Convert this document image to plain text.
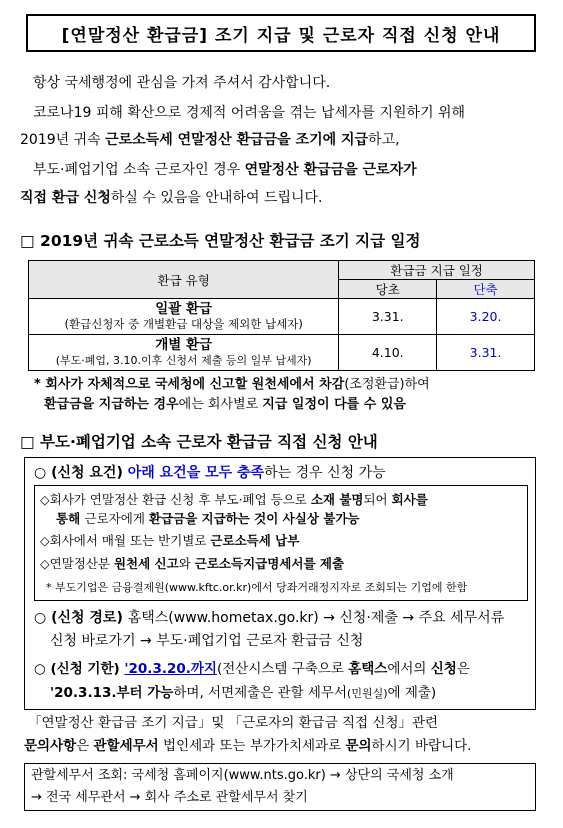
[연말정산 환급금] 조기 지급 및 근로자 직접 신청 안내
항상 국세행정에 관심을 가져 주셔서 감사합니다.
코로나19 피해 확산으로 경제적 어려움을 겪는 납세자를 지원하기 위해
2019년 귀속 근로소득세 연말정산 환급금을 조기에 지급하고,
부도·폐업기업 소속 근로자인 경우 연말정산 환급금을 근로자가
직접 환급 신청하실 수 있음을 안내하여 드립니다.
□ 2019년 귀속 근로소득 연말정산 환급금 조기 지급 일정
환급 유형	환급금 지급 일정	
	당초	단축

일괄 환급
(환급신청자 중 개별환급 대상을 제외한 납세자)	3.31.	3.20.

개별 환급
(부도·폐업, 3.10.이후 신청서 제출 등의 일부 납세자)	4.10.	3.31.
* 회사가 자체적으로 국세청에 신고할 원천세에서 차감(조정환급)하여
환급금을 지급하는 경우에는 회사별로 지급 일정이 다를 수 있음
□ 부도·폐업기업 소속 근로자 환급금 직접 신청 안내
○ (신청 요건) 아래 요건을 모두 충족하는 경우 신청 가능
◇회사가 연말정산 환급 신청 후 부도·폐업 등으로 소재 불명되어 회사를
통해 근로자에게 환급금을 지급하는 것이 사실상 불가능
◇회사에서 매월 또는 반기별로 근로소득세 납부
◇연말정산분 원천세 신고와 근로소득지급명세서를 제출
* 부도기업은 금융결제원(www.kftc.or.kr)에서 당좌거래정지자로 조회되는 기업에 한함
○ (신청 경로) 홈택스(www.hometax.go.kr) → 신청·제출 → 주요 세무서류
신청 바로가기 → 부도·폐업기업 근로자 환급금 신청
○ (신청 기한) '20.3.20.까지(전산시스템 구축으로 홈택스에서의 신청은
'20.3.13.부터 가능하며, 서면제출은 관할 세무서(민원실)에 제출)
「연말정산 환급금 조기 지급」및 「근로자의 환급금 직접 신청」관련
문의사항은 관할세무서 법인세과 또는 부가가치세과로 문의하시기 바랍니다.
관할세무서 조회: 국세청 홈페이지(www.nts.go.kr) → 상단의 국세청 소개
→ 전국 세무관서 → 회사 주소로 관할세무서 찾기
